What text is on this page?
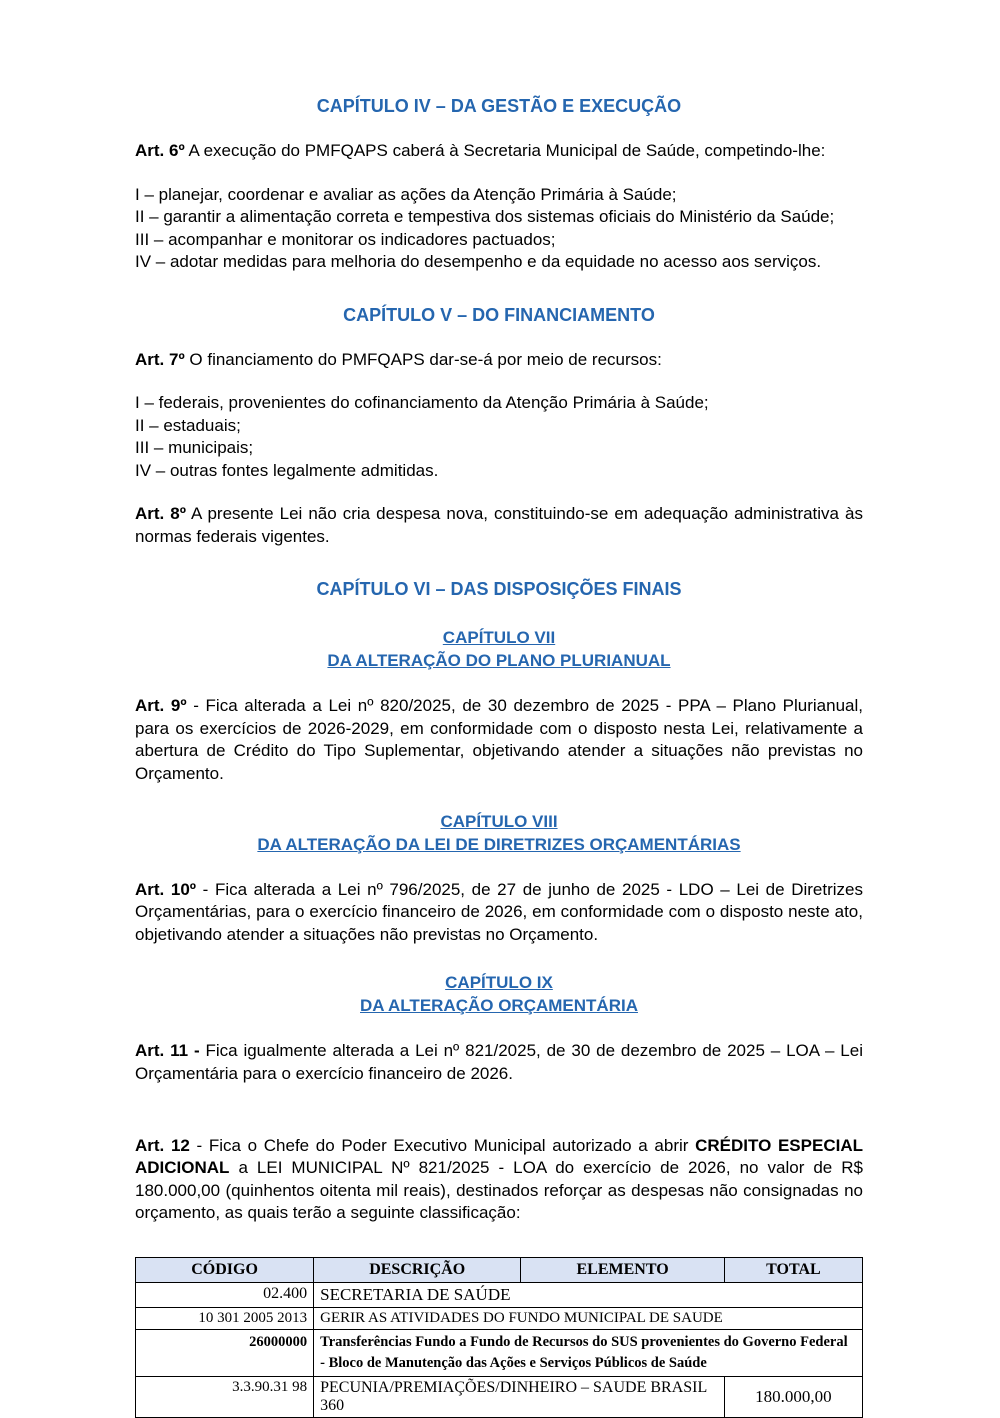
CAPÍTULO IV – DA GESTÃO E EXECUÇÃO

Art. 6º A execução do PMFQAPS caberá à Secretaria Municipal de Saúde, competindo-lhe:

I – planejar, coordenar e avaliar as ações da Atenção Primária à Saúde;
II – garantir a alimentação correta e tempestiva dos sistemas oficiais do Ministério da Saúde;
III – acompanhar e monitorar os indicadores pactuados;
IV – adotar medidas para melhoria do desempenho e da equidade no acesso aos serviços.
CAPÍTULO V – DO FINANCIAMENTO

Art. 7º O financiamento do PMFQAPS dar-se-á por meio de recursos:

I – federais, provenientes do cofinanciamento da Atenção Primária à Saúde;
II – estaduais;
III – municipais;
IV – outras fontes legalmente admitidas.

Art. 8º A presente Lei não cria despesa nova, constituindo-se em adequação administrativa às normas federais vigentes.

CAPÍTULO VI – DAS DISPOSIÇÕES FINAIS
CAPÍTULO VII
DA ALTERAÇÃO DO PLANO PLURIANUAL

Art. 9º - Fica alterada a Lei nº 820/2025, de 30 dezembro de 2025 - PPA – Plano Plurianual, para os exercícios de 2026-2029, em conformidade com o disposto nesta Lei, relativamente a abertura de Crédito do Tipo Suplementar, objetivando atender a situações não previstas no Orçamento.

CAPÍTULO VIII
DA ALTERAÇÃO DA LEI DE DIRETRIZES ORÇAMENTÁRIAS

Art. 10º - Fica alterada a Lei nº 796/2025, de 27 de junho de 2025 - LDO – Lei de Diretrizes Orçamentárias, para o exercício financeiro de 2026, em conformidade com o disposto neste ato, objetivando atender a situações não previstas no Orçamento.

CAPÍTULO IX
DA ALTERAÇÃO ORÇAMENTÁRIA

Art. 11 - Fica igualmente alterada a Lei nº 821/2025, de 30 de dezembro de 2025 – LOA – Lei Orçamentária para o exercício financeiro de 2026.

Art. 12 - Fica o Chefe do Poder Executivo Municipal autorizado a abrir CRÉDITO ESPECIAL ADICIONAL a LEI MUNICIPAL Nº 821/2025 - LOA do exercício de 2026, no valor de R$ 180.000,00 (quinhentos oitenta mil reais), destinados reforçar as despesas não consignadas no orçamento, as quais terão a seguinte classificação:

CÓDIGO	DESCRIÇÃO	ELEMENTO	TOTAL
02.400	SECRETARIA DE SAÚDE		
10 301 2005 2013	GERIR AS ATIVIDADES DO FUNDO MUNICIPAL DE SAUDE		
26000000	Transferências Fundo a Fundo de Recursos do SUS provenientes do Governo Federal - Bloco de Manutenção das Ações e Serviços Públicos de Saúde		
3.3.90.31 98	PECUNIA/PREMIAÇÕES/DINHEIRO – SAUDE BRASIL 360		180.000,00
